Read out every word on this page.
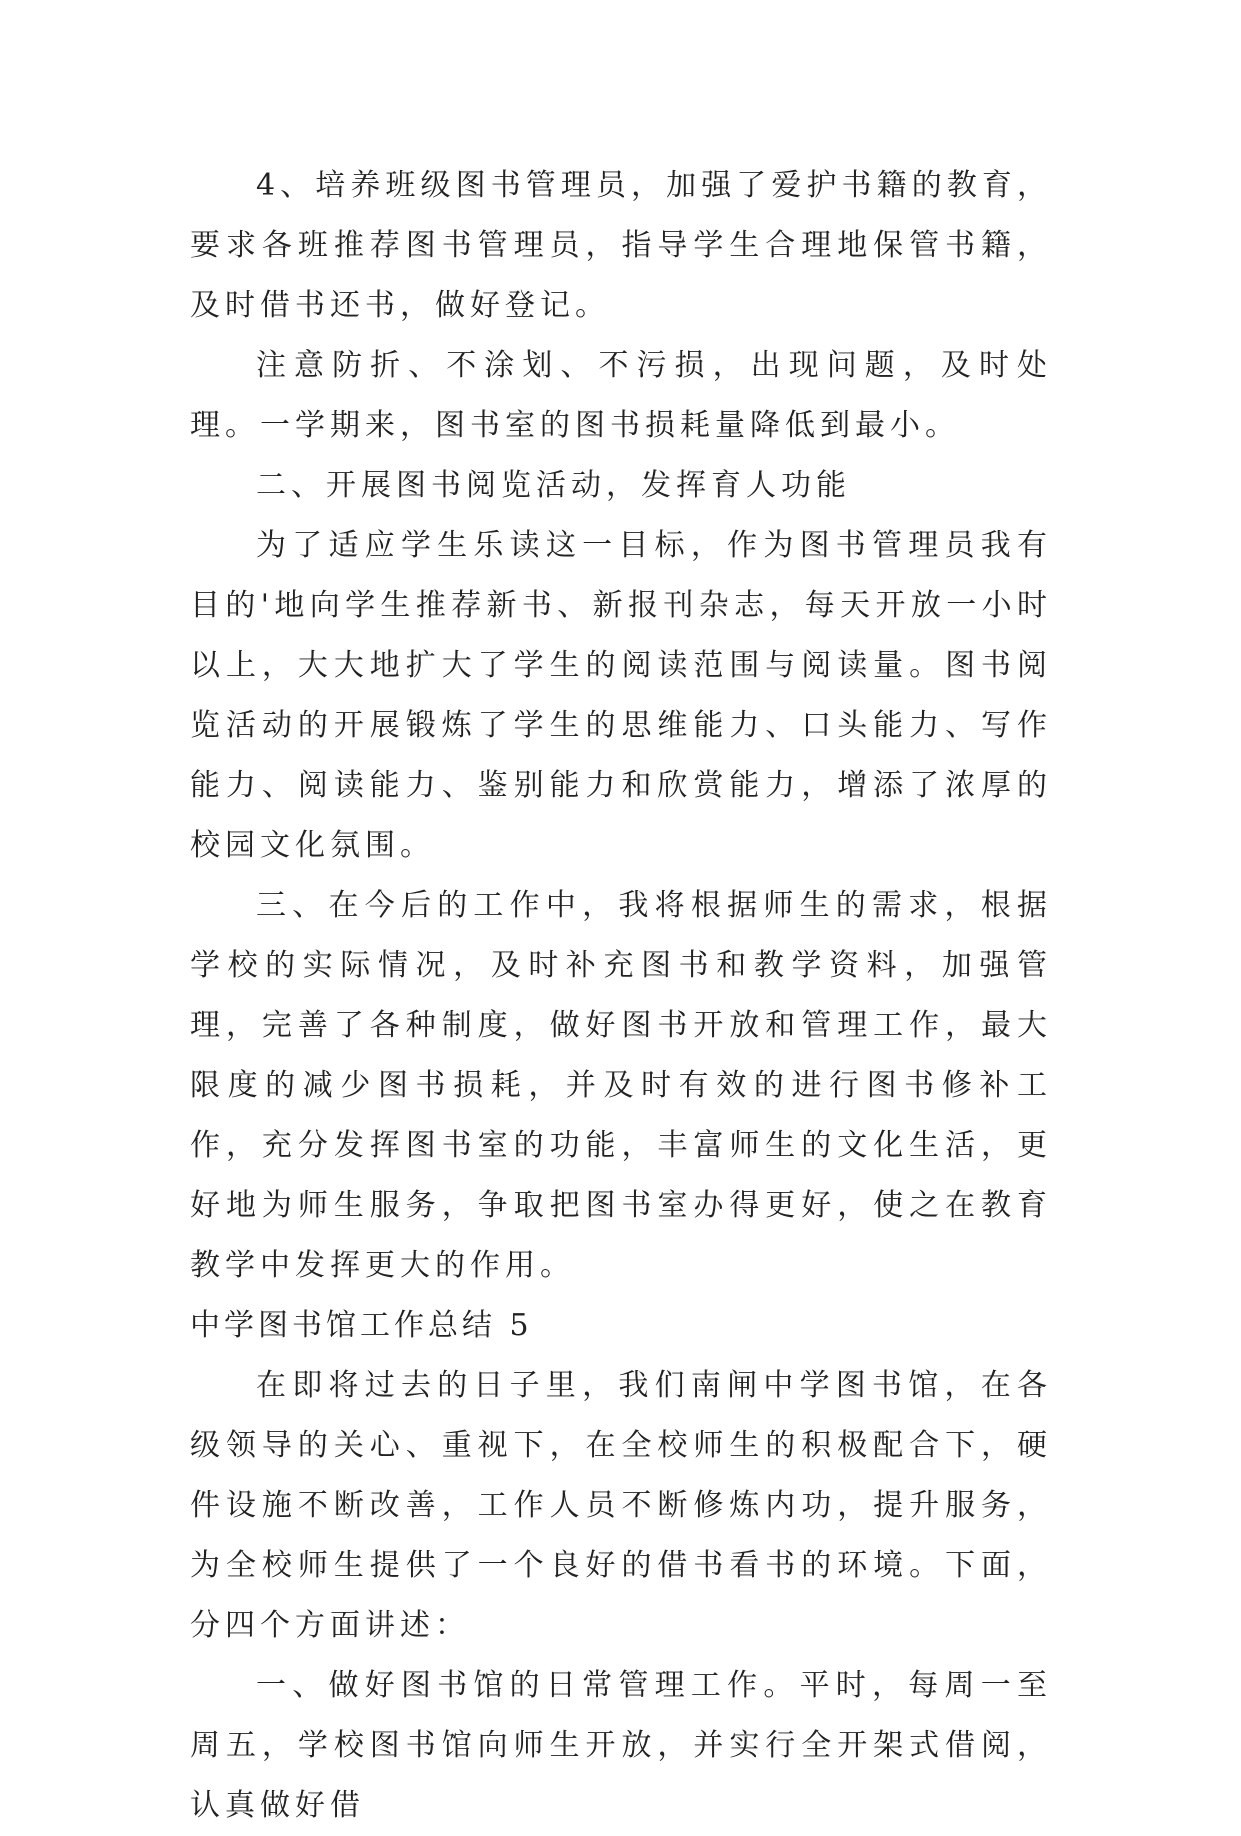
4、培养班级图书管理员，加强了爱护书籍的教育，要求各班推荐图书管理员，指导学生合理地保管书籍，及时借书还书，做好登记。

注意防折、不涂划、不污损，出现问题，及时处理。一学期来，图书室的图书损耗量降低到最小。

二、开展图书阅览活动，发挥育人功能

为了适应学生乐读这一目标，作为图书管理员我有目的'地向学生推荐新书、新报刊杂志，每天开放一小时以上，大大地扩大了学生的阅读范围与阅读量。图书阅览活动的开展锻炼了学生的思维能力、口头能力、写作能力、阅读能力、鉴别能力和欣赏能力，增添了浓厚的校园文化氛围。

三、在今后的工作中，我将根据师生的需求，根据学校的实际情况，及时补充图书和教学资料，加强管理，完善了各种制度，做好图书开放和管理工作，最大限度的减少图书损耗，并及时有效的进行图书修补工作，充分发挥图书室的功能，丰富师生的文化生活，更好地为师生服务，争取把图书室办得更好，使之在教育教学中发挥更大的作用。

中学图书馆工作总结 5

在即将过去的日子里，我们南闸中学图书馆，在各级领导的关心、重视下，在全校师生的积极配合下，硬件设施不断改善，工作人员不断修炼内功，提升服务，为全校师生提供了一个良好的借书看书的环境。下面，分四个方面讲述：

一、做好图书馆的日常管理工作。平时，每周一至周五，学校图书馆向师生开放，并实行全开架式借阅，认真做好借
